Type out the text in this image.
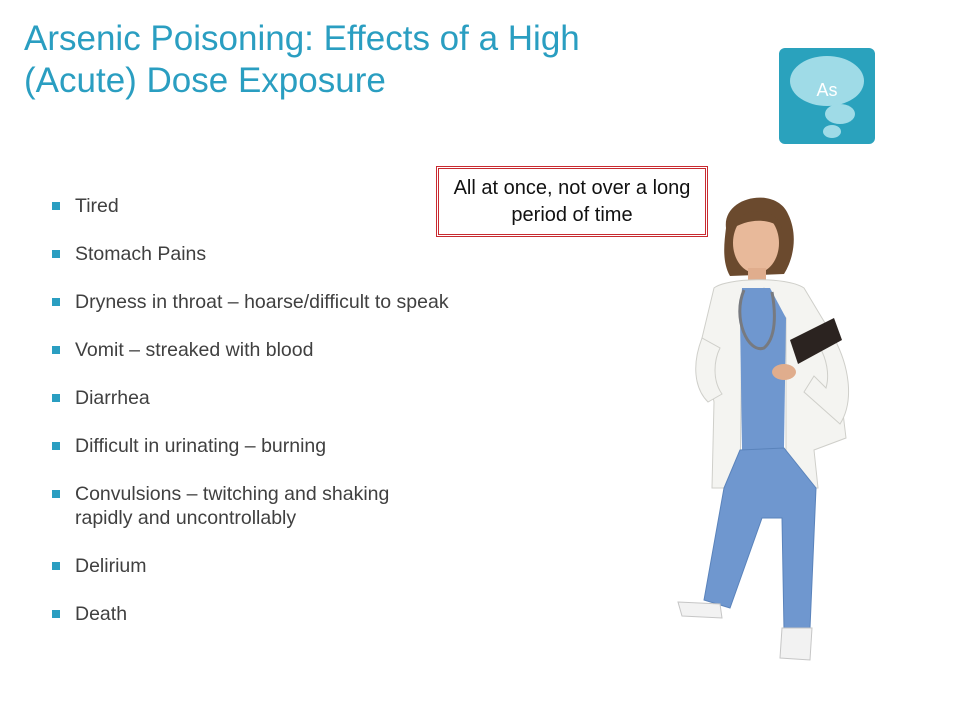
Arsenic Poisoning: Effects of a High
(Acute) Dose Exposure	As
All at once, not over a long period of time
Tired
Stomach Pains
Dryness in throat – hoarse/difficult to speak
Vomit – streaked with blood
Diarrhea
Difficult in urinating – burning
Convulsions – twitching and shaking rapidly and uncontrollably
Delirium
Death
